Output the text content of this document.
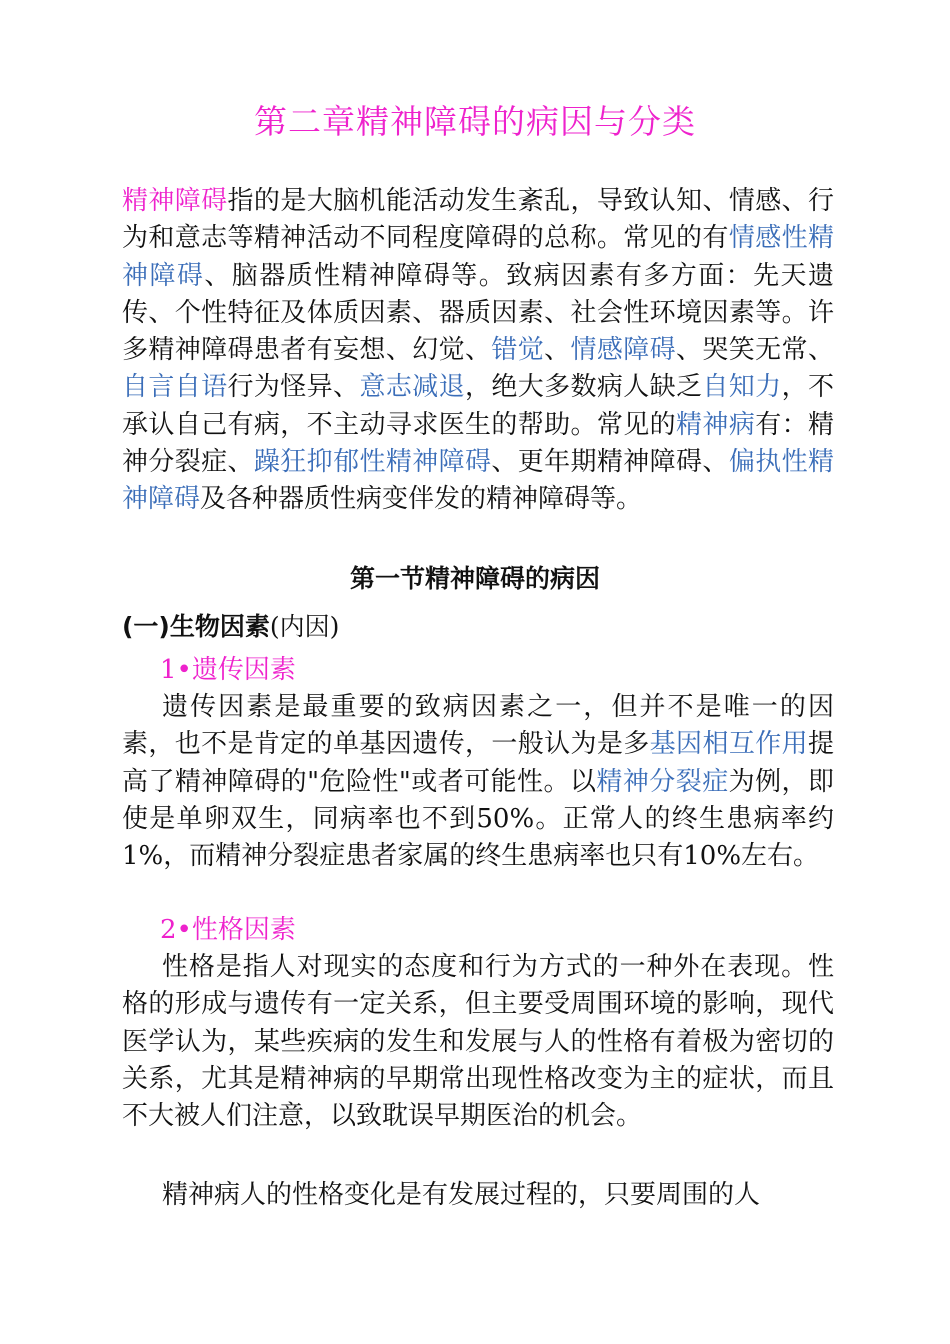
第二章精神障碍的病因与分类

精神障碍指的是大脑机能活动发生紊乱，导致认知、情感、行为和意志等精神活动不同程度障碍的总称。常见的有情感性精神障碍、脑器质性精神障碍等。致病因素有多方面：先天遗传、个性特征及体质因素、器质因素、社会性环境因素等。许多精神障碍患者有妄想、幻觉、错觉、情感障碍、哭笑无常、自言自语行为怪异、意志减退，绝大多数病人缺乏自知力，不承认自己有病，不主动寻求医生的帮助。常见的精神病有：精神分裂症、躁狂抑郁性精神障碍、更年期精神障碍、偏执性精神障碍及各种器质性病变伴发的精神障碍等。

第一节精神障碍的病因
(一)生物因素(内因)
1•遗传因素

遗传因素是最重要的致病因素之一，但并不是唯一的因素，也不是肯定的单基因遗传，一般认为是多基因相互作用提高了精神障碍的"危险性"或者可能性。以精神分裂症为例，即使是单卵双生，同病率也不到50%。正常人的终生患病率约1%，而精神分裂症患者家属的终生患病率也只有10%左右。

2•性格因素

性格是指人对现实的态度和行为方式的一种外在表现。性格的形成与遗传有一定关系，但主要受周围环境的影响，现代医学认为，某些疾病的发生和发展与人的性格有着极为密切的关系，尤其是精神病的早期常出现性格改变为主的症状，而且不大被人们注意，以致耽误早期医治的机会。

精神病人的性格变化是有发展过程的，只要周围的人
